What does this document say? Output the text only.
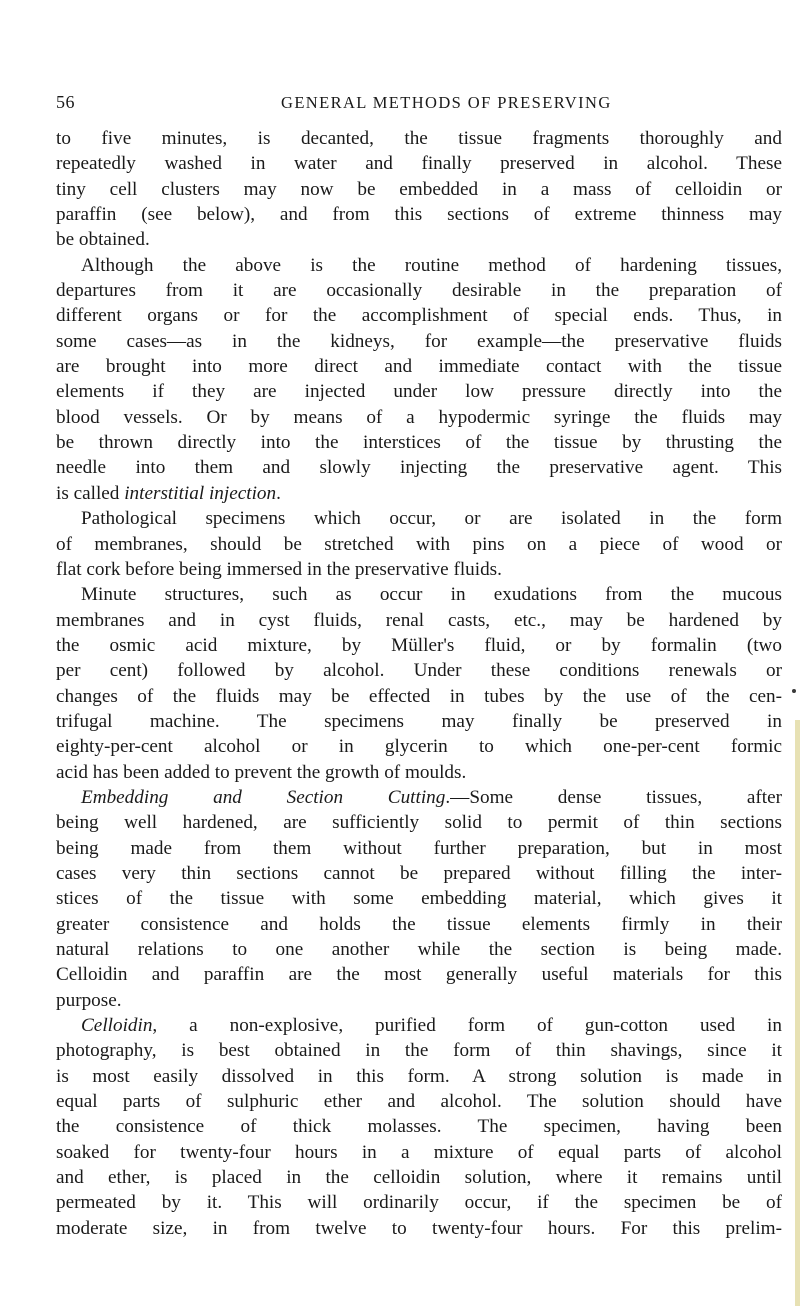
56	GENERAL METHODS OF PRESERVING
to five minutes, is decanted, the tissue fragments thoroughly and
repeatedly washed in water and finally preserved in alcohol. These
tiny cell clusters may now be embedded in a mass of celloidin or
paraffin (see below), and from this sections of extreme thinness may
be obtained.
Although the above is the routine method of hardening tissues,
departures from it are occasionally desirable in the preparation of
different organs or for the accomplishment of special ends. Thus, in
some cases—as in the kidneys, for example—the preservative fluids
are brought into more direct and immediate contact with the tissue
elements if they are injected under low pressure directly into the
blood vessels. Or by means of a hypodermic syringe the fluids may
be thrown directly into the interstices of the tissue by thrusting the
needle into them and slowly injecting the preservative agent. This
is called interstitial injection.
Pathological specimens which occur, or are isolated in the form
of membranes, should be stretched with pins on a piece of wood or
flat cork before being immersed in the preservative fluids.
Minute structures, such as occur in exudations from the mucous
membranes and in cyst fluids, renal casts, etc., may be hardened by
the osmic acid mixture, by Müller's fluid, or by formalin (two
per cent) followed by alcohol. Under these conditions renewals or
changes of the fluids may be effected in tubes by the use of the cen-
trifugal machine. The specimens may finally be preserved in
eighty-per-cent alcohol or in glycerin to which one-per-cent formic
acid has been added to prevent the growth of moulds.
Embedding and Section Cutting.—Some dense tissues, after
being well hardened, are sufficiently solid to permit of thin sections
being made from them without further preparation, but in most
cases very thin sections cannot be prepared without filling the inter-
stices of the tissue with some embedding material, which gives it
greater consistence and holds the tissue elements firmly in their
natural relations to one another while the section is being made.
Celloidin and paraffin are the most generally useful materials for this
purpose.
Celloidin, a non-explosive, purified form of gun-cotton used in
photography, is best obtained in the form of thin shavings, since it
is most easily dissolved in this form. A strong solution is made in
equal parts of sulphuric ether and alcohol. The solution should have
the consistence of thick molasses. The specimen, having been
soaked for twenty-four hours in a mixture of equal parts of alcohol
and ether, is placed in the celloidin solution, where it remains until
permeated by it. This will ordinarily occur, if the specimen be of
moderate size, in from twelve to twenty-four hours. For this prelim-
